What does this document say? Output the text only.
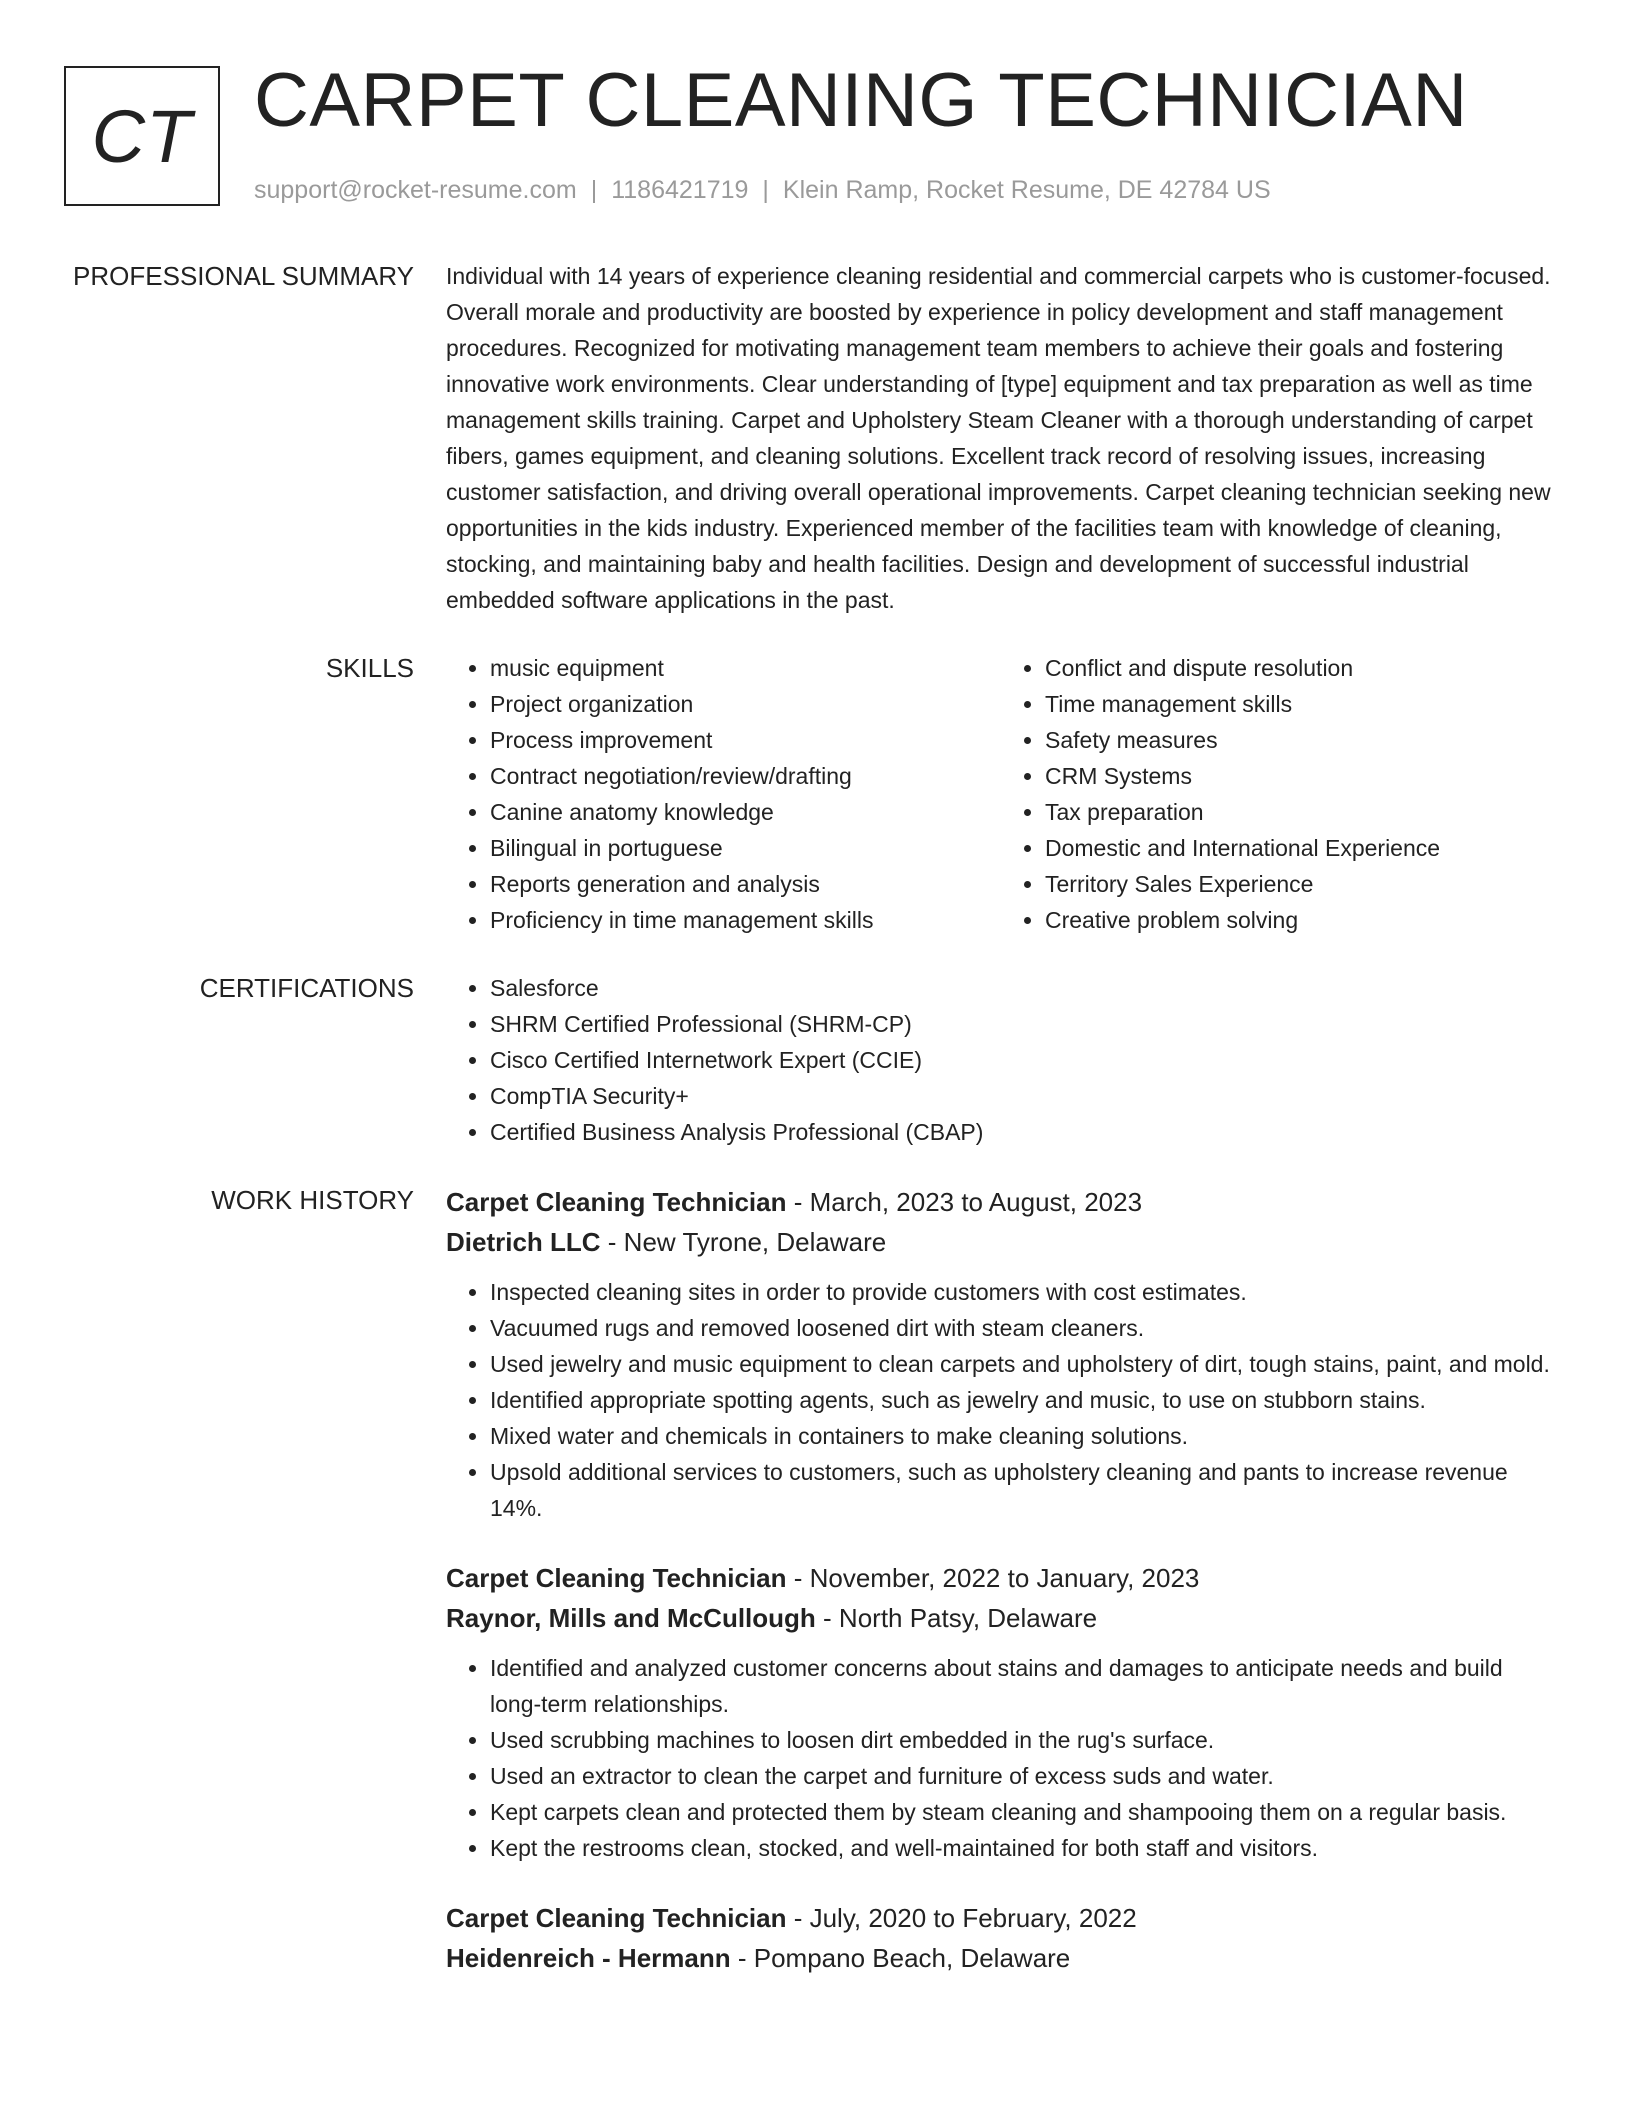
CT CARPET CLEANING TECHNICIAN
support@rocket-resume.com | 1186421719 | Klein Ramp, Rocket Resume, DE 42784 US
PROFESSIONAL SUMMARY Individual with 14 years of experience cleaning residential and commercial carpets who is customer-focused. Overall morale and productivity are boosted by experience in policy development and staff management procedures. Recognized for motivating management team members to achieve their goals and fostering innovative work environments. Clear understanding of [type] equipment and tax preparation as well as time management skills training. Carpet and Upholstery Steam Cleaner with a thorough understanding of carpet fibers, games equipment, and cleaning solutions. Excellent track record of resolving issues, increasing customer satisfaction, and driving overall operational improvements. Carpet cleaning technician seeking new opportunities in the kids industry. Experienced member of the facilities team with knowledge of cleaning, stocking, and maintaining baby and health facilities. Design and development of successful industrial embedded software applications in the past.

SKILLS	• music equipment
• Project organization
• Process improvement
• Contract negotiation/review/drafting
• Canine anatomy knowledge
• Bilingual in portuguese
• Reports generation and analysis
• Proficiency in time management skills
• Conflict and dispute resolution
• Time management skills
• Safety measures
• CRM Systems
• Tax preparation
• Domestic and International Experience
• Territory Sales Experience
• Creative problem solving
CERTIFICATIONS	• Salesforce
• SHRM Certified Professional (SHRM-CP)
• Cisco Certified Internetwork Expert (CCIE)
• CompTIA Security+
• Certified Business Analysis Professional (CBAP)
WORK HISTORY Carpet Cleaning Technician - March, 2023 to August, 2023
Dietrich LLC - New Tyrone, Delaware
• Inspected cleaning sites in order to provide customers with cost estimates.
• Vacuumed rugs and removed loosened dirt with steam cleaners.
• Used jewelry and music equipment to clean carpets and upholstery of dirt, tough stains, paint, and mold.
• Identified appropriate spotting agents, such as jewelry and music, to use on stubborn stains.
• Mixed water and chemicals in containers to make cleaning solutions.
• Upsold additional services to customers, such as upholstery cleaning and pants to increase revenue 14%.
Carpet Cleaning Technician - November, 2022 to January, 2023
Raynor, Mills and McCullough - North Patsy, Delaware
• Identified and analyzed customer concerns about stains and damages to anticipate needs and build long-term relationships.
• Used scrubbing machines to loosen dirt embedded in the rug's surface.
• Used an extractor to clean the carpet and furniture of excess suds and water.
• Kept carpets clean and protected them by steam cleaning and shampooing them on a regular basis.
• Kept the restrooms clean, stocked, and well-maintained for both staff and visitors.
Carpet Cleaning Technician - July, 2020 to February, 2022
Heidenreich - Hermann - Pompano Beach, Delaware
